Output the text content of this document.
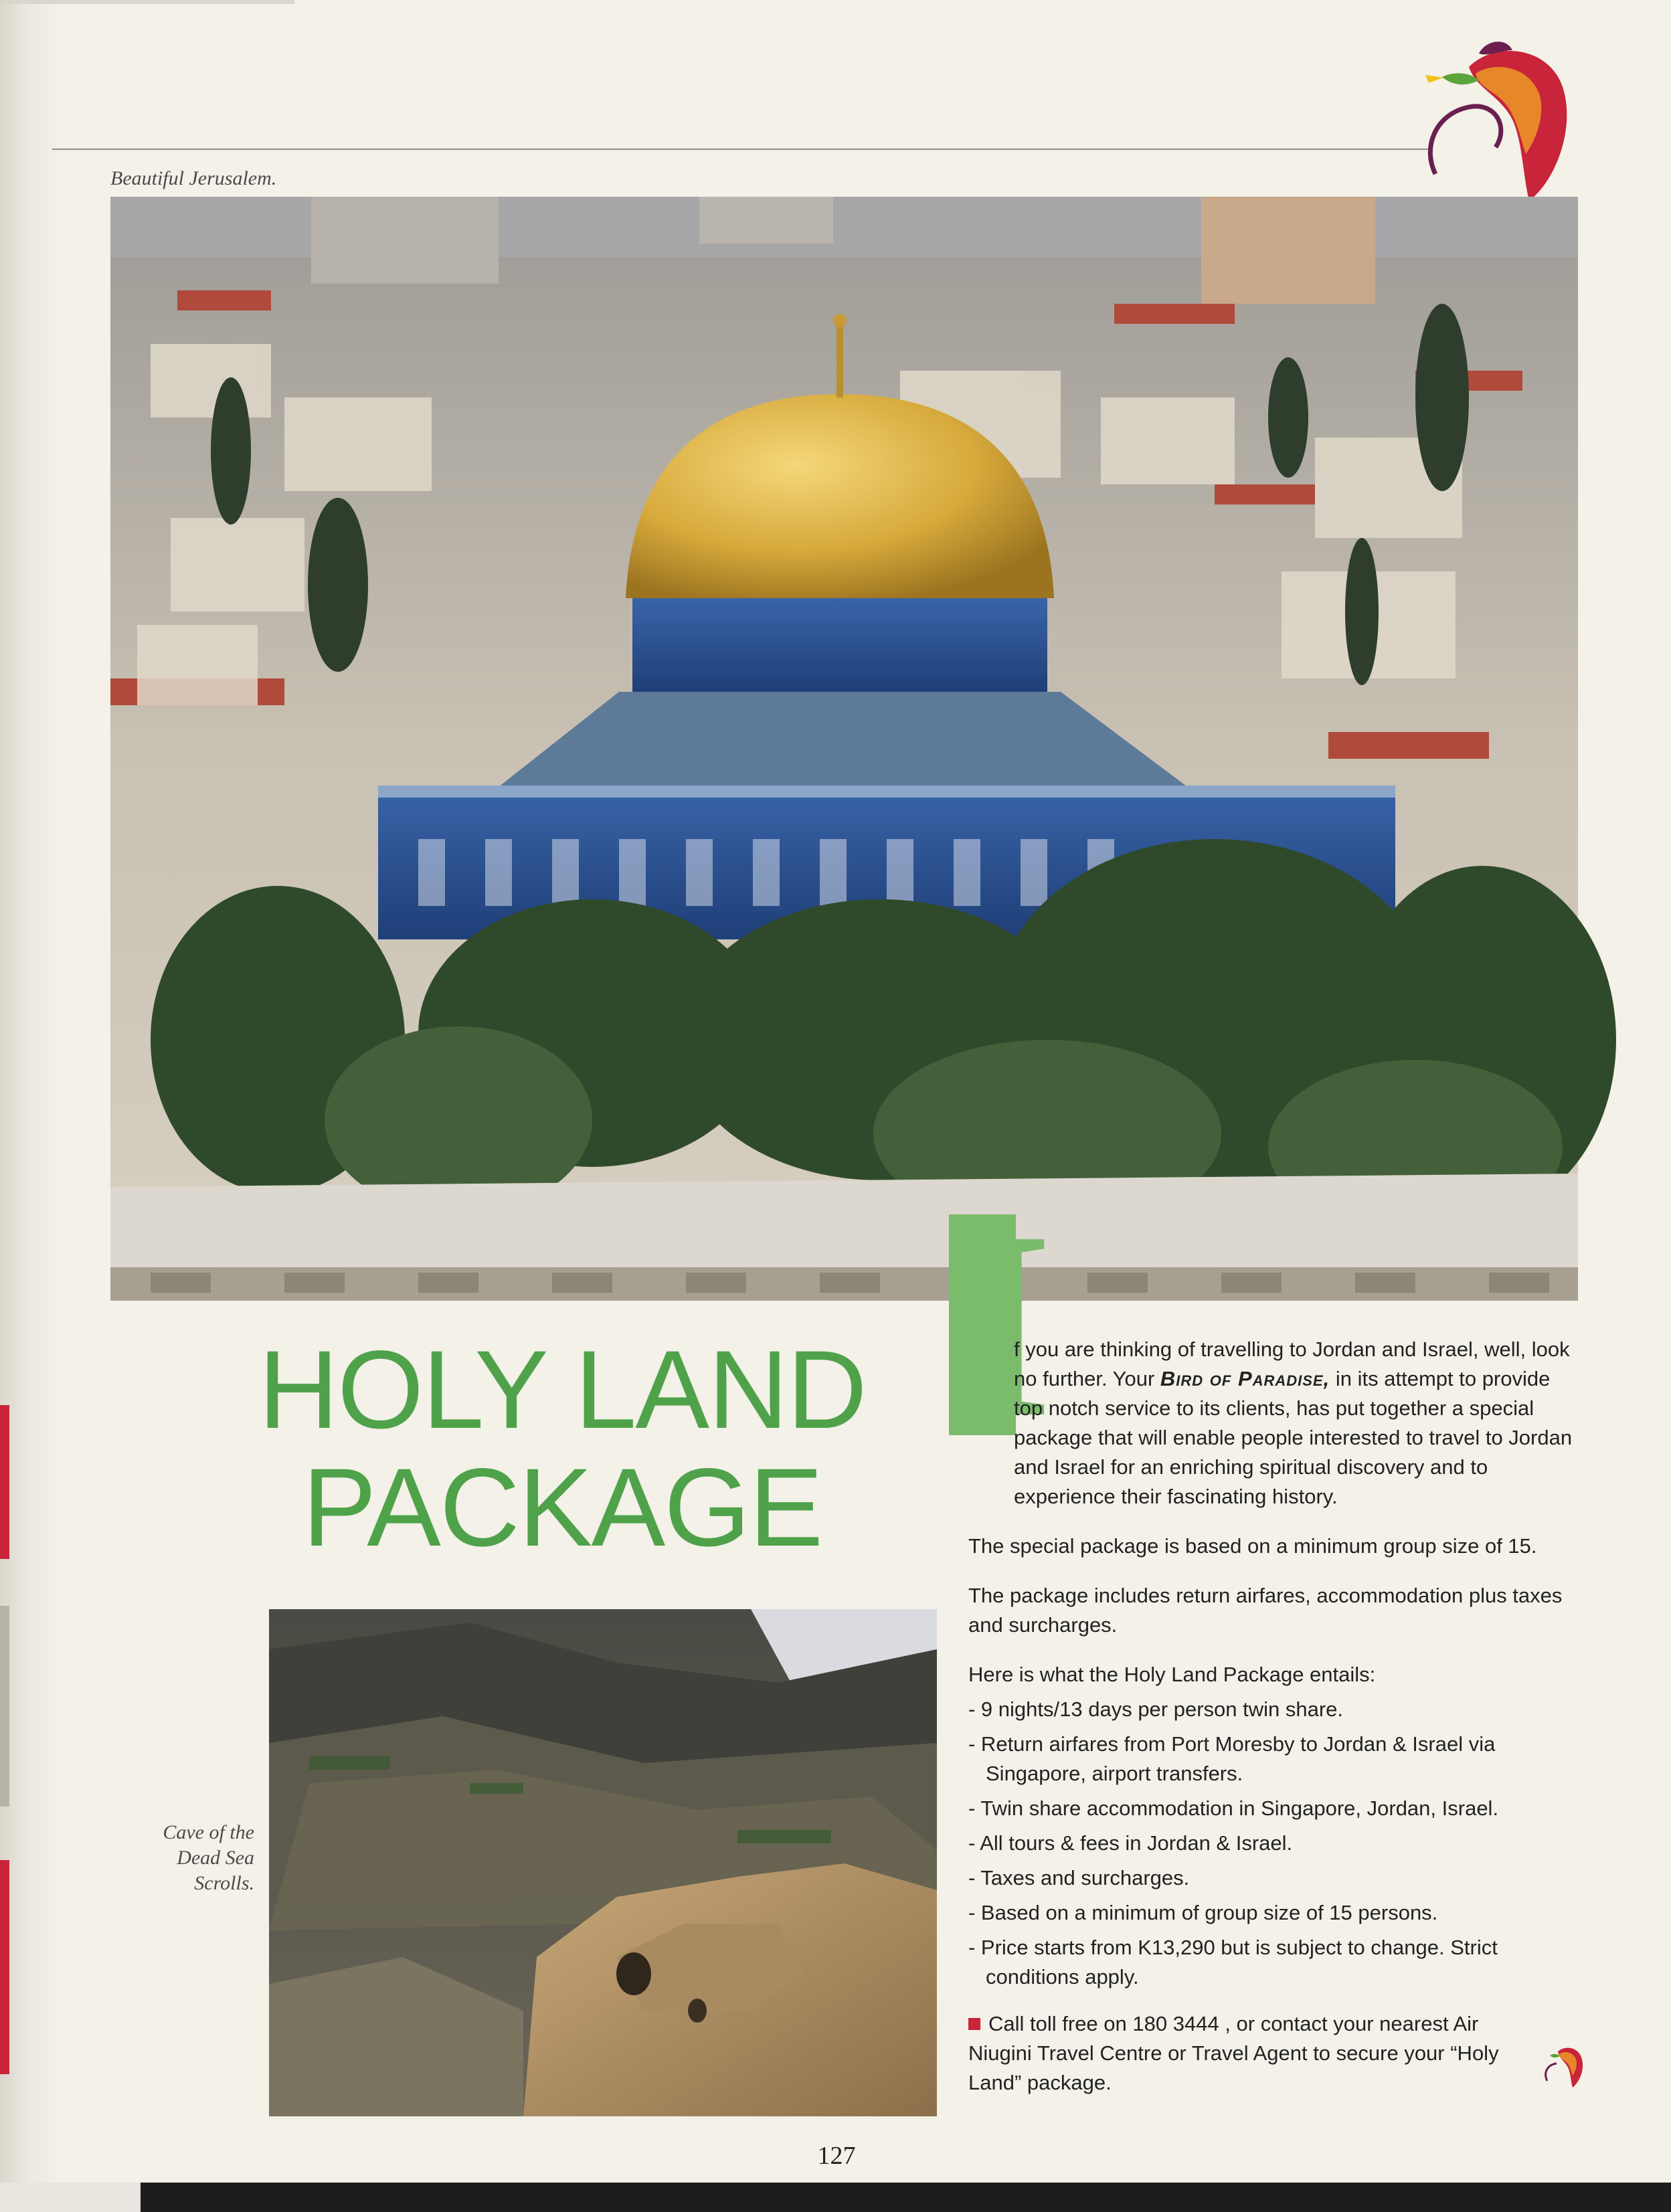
Beautiful Jerusalem.
HOLY LAND
PACKAGE
I

f you are thinking of travelling to Jordan and Israel, well, look no further. Your Bird of Paradise, in its attempt to provide top notch service to its clients, has put together a special package that will enable people interested to travel to Jordan and Israel for an enriching spiritual discovery and to experience their fascinating history.

The special package is based on a minimum group size of 15.

The package includes return airfares, accommodation plus taxes and surcharges.

Here is what the Holy Land Package entails:

- 9 nights/13 days per person twin share.
- Return airfares from Port Moresby to Jordan & Israel via Singapore, airport transfers.
- Twin share accommodation in Singapore, Jordan, Israel.
- All tours & fees in Jordan & Israel.
- Taxes and surcharges.
- Based on a minimum of group size of 15 persons.
- Price starts from K13,290 but is subject to change. Strict conditions apply.

Call toll free on 180 3444 , or contact your nearest Air Niugini Travel Centre or Travel Agent to secure your “Holy Land” package.

Cave of the Dead Sea Scrolls.
127
